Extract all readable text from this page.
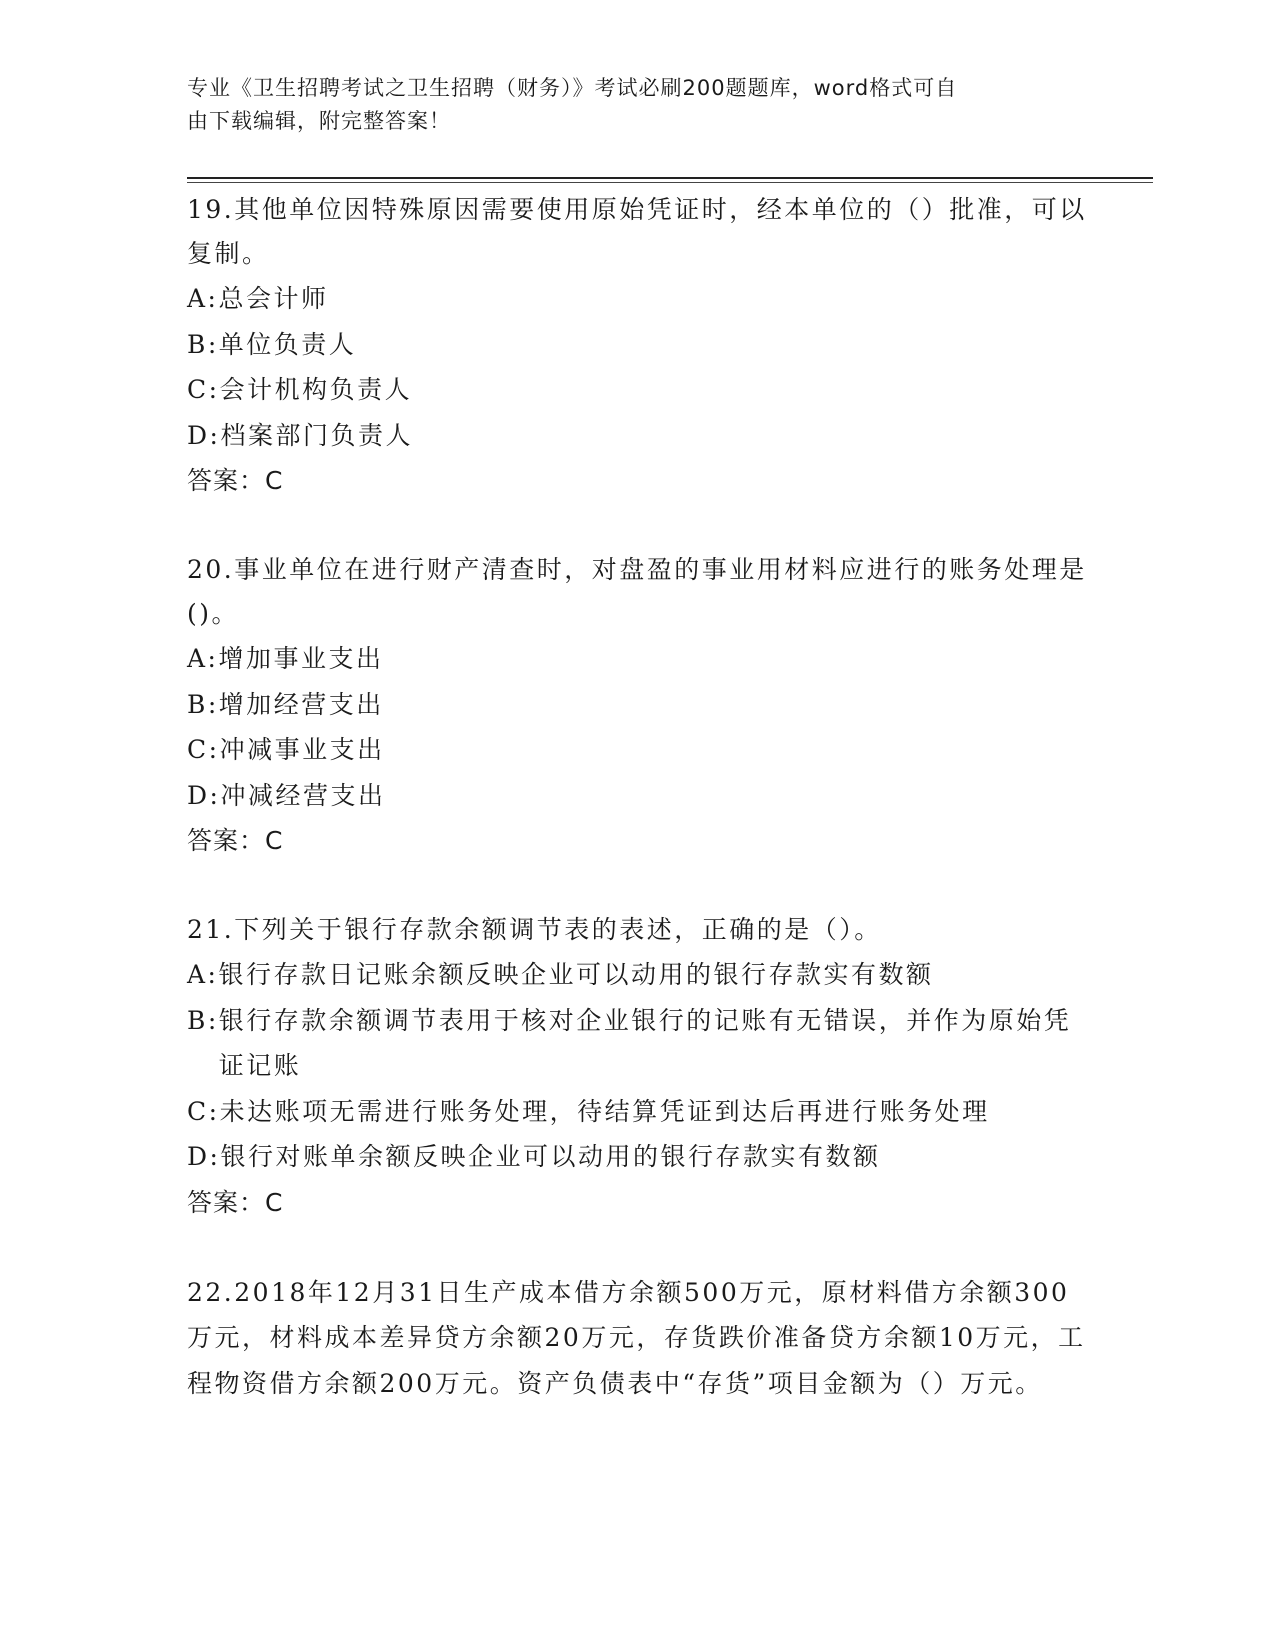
专业《卫生招聘考试之卫生招聘（财务）》考试必刷200题题库，word格式可自
由下载编辑，附完整答案！

19.其他单位因特殊原因需要使用原始凭证时，经本单位的（）批准，可以复制。

A: 总会计师

B: 单位负责人

C: 会计机构负责人

D: 档案部门负责人

答案：C

20.事业单位在进行财产清查时，对盘盈的事业用材料应进行的账务处理是()。

A: 增加事业支出

B: 增加经营支出

C: 冲减事业支出

D: 冲减经营支出

答案：C

21.下列关于银行存款余额调节表的表述，正确的是（）。

A: 银行存款日记账余额反映企业可以动用的银行存款实有数额

B: 银行存款余额调节表用于核对企业银行的记账有无错误，并作为原始凭证记账

C: 未达账项无需进行账务处理，待结算凭证到达后再进行账务处理

D: 银行对账单余额反映企业可以动用的银行存款实有数额

答案：C

22.2018年12月31日生产成本借方余额500万元，原材料借方余额300万元，材料成本差异贷方余额20万元，存货跌价准备贷方余额10万元，工程物资借方余额200万元。资产负债表中“存货”项目金额为（）万元。
